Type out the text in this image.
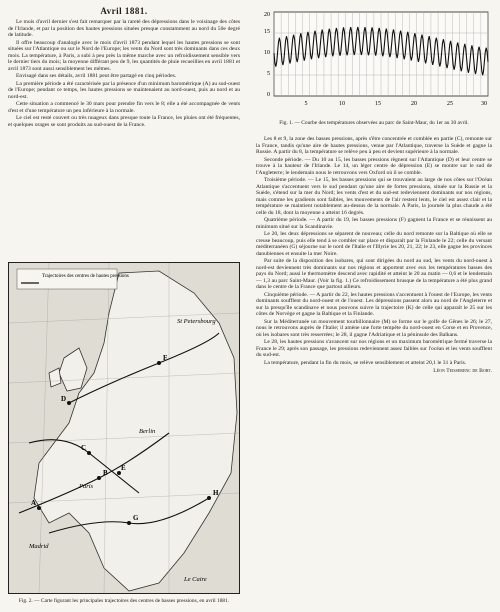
Avril 1881.

Le mois d'avril dernier s'est fait remarquer par la rareté des dépressions dans le voisinage des côtes de l'Irlande, et par la position des hautes pressions situées presque constamment au nord du 50e degré de latitude.

Il offre beaucoup d'analogie avec le mois d'avril 1873 pendant lequel les hautes pressions se sont situées sur l'Atlantique ou sur le Nord de l'Europe; les vents du Nord sont très dominants dans ces deux mois. La température, à Paris, a subi à peu près la même marche avec un refroidissement sensible vers le dernier tiers du mois; la moyenne différant peu de 9, les quantités de pluie recueillies en avril 1881 et avril 1873 sont aussi sensiblement les mêmes.

Envisagé dans ses détails, avril 1881 peut être partagé en cinq périodes.

La première période a été caractérisée par la présence d'un minimum barométrique (A) au sud-ouest de l'Europe; pendant ce temps, les hautes pressions se maintenaient au nord-ouest, puis au nord et au nord-est.

Cette situation a commencé le 30 mars pour prendre fin vers le 8; elle a été accompagnée de vents d'est et d'une température un peu inférieure à la normale.

Le ciel est resté couvert ou très nuageux dans presque toute la France, les pluies ont été fréquentes, et quelques orages se sont produits au sud-ouest de la France.

A
B
C
D
E
F
G
H
St Petersbourg
Berlin
Paris
Madrid
Le Caire
Trajectoires des centres de hautes pressions
Fig. 2. — Carte figurant les principales trajectoires des centres de basses pressions, en avril 1881.
20
15
10
5
0
5	10	15	20	25	30
Fig. 1. — Courbe des températures observées au parc de Saint-Maur, du 1er au 30 avril.

Les 8 et 9, la zone des basses pressions, après s'être concentrée et comblée en partie (C), remonte sur la France, tandis qu'une aire de hautes pressions, venue par l'Atlantique, traverse la Suède et gagne la Russie. A partir du 8, la température se relève peu à peu et devient supérieure à la normale.

Seconde période. — Du 10 au 15, les basses pressions règnent sur l'Atlantique (D) et leur centre se trouve à la hauteur de l'Irlande. Le 14, un léger centre de dépression (E) se montre sur le sud de l'Angleterre; le lendemain nous le retrouvons vers Oxford où il se comble.

Troisième période. — Le 15, les basses pressions qui se trouvaient au large de nos côtes sur l'Océan Atlantique s'accentuent vers le sud pendant qu'une aire de fortes pressions, située sur la Russie et la Suède, s'étend sur la mer du Nord; les vents d'est et du sud-est redeviennent dominants sur nos régions, mais comme les gradients sont faibles, les mouvements de l'air restent lents, le ciel est assez clair et la température se maintient notablement au-dessus de la normale. A Paris, la journée la plus chaude a été celle du 18, dont la moyenne a atteint 16 degrés.

Quatrième période. — A partir du 19, les basses pressions (F) gagnent la France et se réunissent au minimum situé sur la Scandinavie.

Le 20, les deux dépressions se séparent de nouveau; celle du nord remonte sur la Baltique où elle se creuse beaucoup, puis elle tend à se combler sur place et disparaît par la Finlande le 22; celle du versant méditerranéen (G) séjourne sur le nord de l'Italie et l'Illyrie les 20, 21, 22; le 23, elle gagne les provinces danubiennes et ensuite la mer Noire.

Par suite de la disposition des isobares, qui sont dirigées du nord au sud, les vents du nord-ouest à nord-est deviennent très dominants sur nos régions et apportent avec eux les températures basses des pays du Nord; aussi le thermomètre descend avec rapidité et atteint le 20 au matin — 0,6 et le lendemain — 1,3 au parc Saint-Maur. (Voir la fig. 1.) Ce refroidissement brusque de la température a été plus grand dans le centre de la France que partout ailleurs.

Cinquième période. — A partir du 22, les hautes pressions s'accentuent à l'ouest de l'Europe, les vents dominants soufflent du nord-ouest et de l'ouest. Les dépressions passent alors au nord de l'Angleterre et sur la presqu'île scandinave et nous pouvons suivre la trajectoire (K) de celle qui apparaît le 25 sur les côtes de Norvège et gagne la Baltique et la Finlande.

Sur la Méditerranée un mouvement tourbillonnaire (M) se forme sur le golfe de Gênes le 26; le 27, nous le retrouvons auprès de l'Italie; il amène une forte tempête du nord-ouest en Corse et en Provence, où les isobares sont très resserrées; le 28, il gagne l'Adriatique et la péninsule des Balkans.

Le 28, les hautes pressions s'avancent sur nos régions et un maximum barométrique fermé traverse la France le 29; après son passage, les pressions redeviennent assez faibles sur l'océan et les vents soufflent du sud-est.

La température, pendant la fin du mois, se relève sensiblement et atteint 20,1 le 31 à Paris.

Léon Teisserenc de Bort.
